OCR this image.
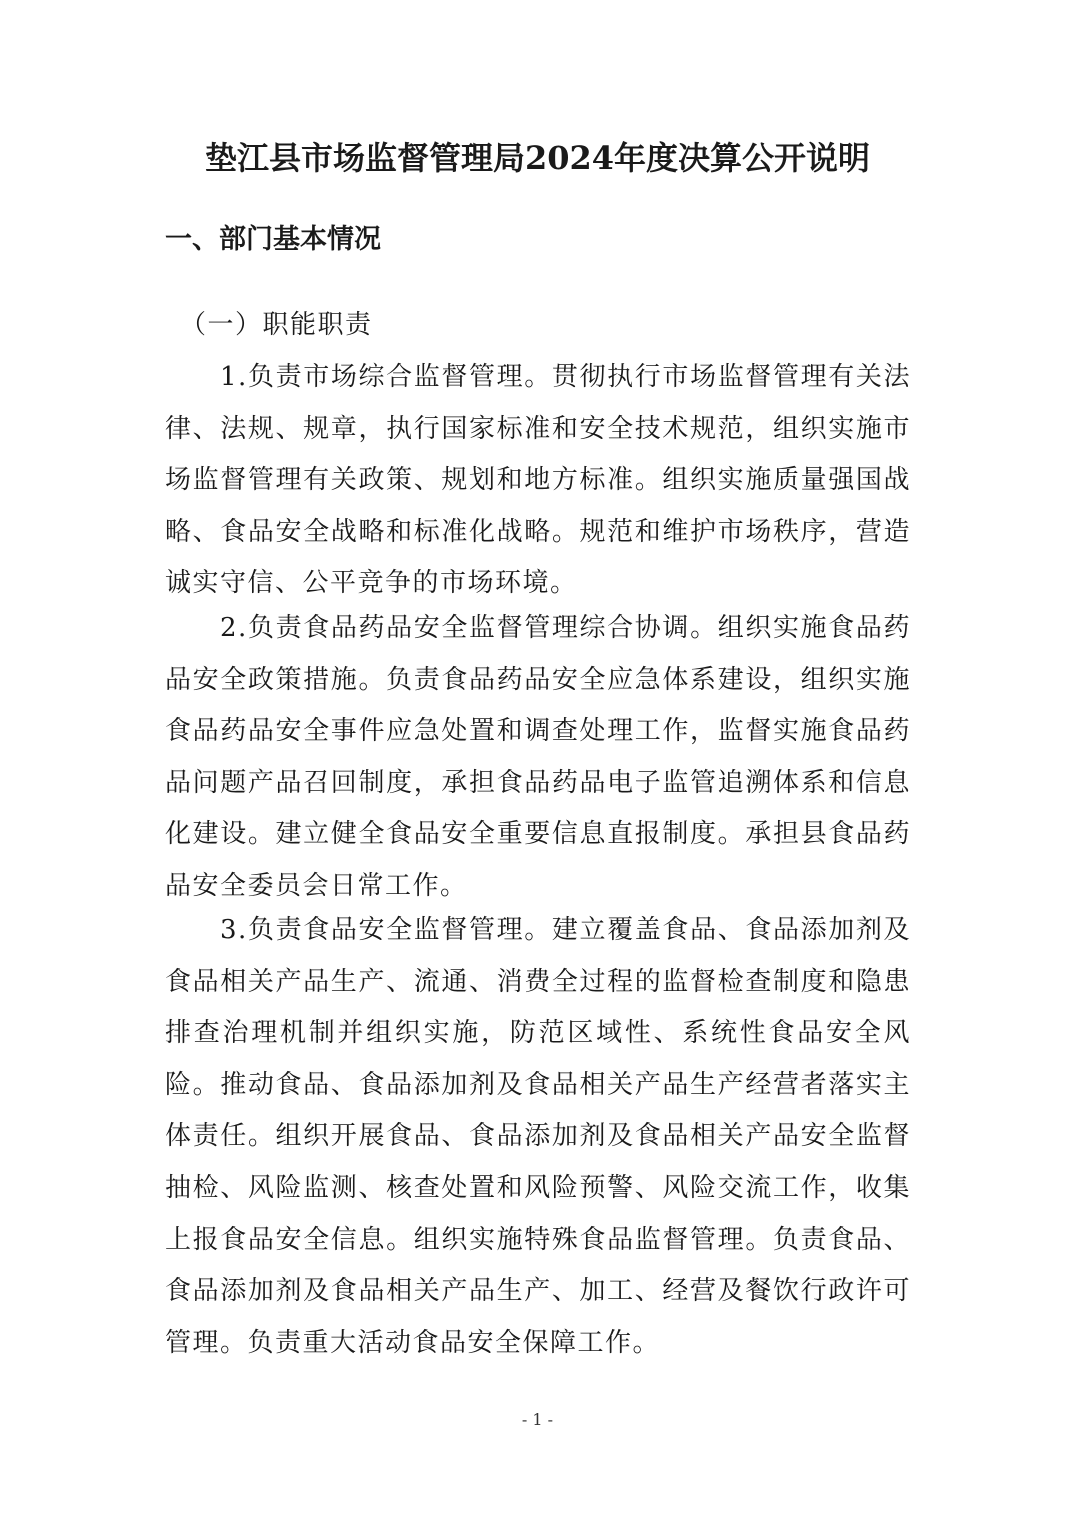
垫江县市场监督管理局2024年度决算公开说明
一、部门基本情况

（一）职能职责

1.负责市场综合监督管理。贯彻执行市场监督管理有关法律、法规、规章，执行国家标准和安全技术规范，组织实施市场监督管理有关政策、规划和地方标准。组织实施质量强国战略、食品安全战略和标准化战略。规范和维护市场秩序，营造诚实守信、公平竞争的市场环境。

2.负责食品药品安全监督管理综合协调。组织实施食品药品安全政策措施。负责食品药品安全应急体系建设，组织实施食品药品安全事件应急处置和调查处理工作，监督实施食品药品问题产品召回制度，承担食品药品电子监管追溯体系和信息化建设。建立健全食品安全重要信息直报制度。承担县食品药品安全委员会日常工作。

3.负责食品安全监督管理。建立覆盖食品、食品添加剂及食品相关产品生产、流通、消费全过程的监督检查制度和隐患排查治理机制并组织实施，防范区域性、系统性食品安全风险。推动食品、食品添加剂及食品相关产品生产经营者落实主体责任。组织开展食品、食品添加剂及食品相关产品安全监督抽检、风险监测、核查处置和风险预警、风险交流工作，收集上报食品安全信息。组织实施特殊食品监督管理。负责食品、食品添加剂及食品相关产品生产、加工、经营及餐饮行政许可管理。负责重大活动食品安全保障工作。

- 1 -
